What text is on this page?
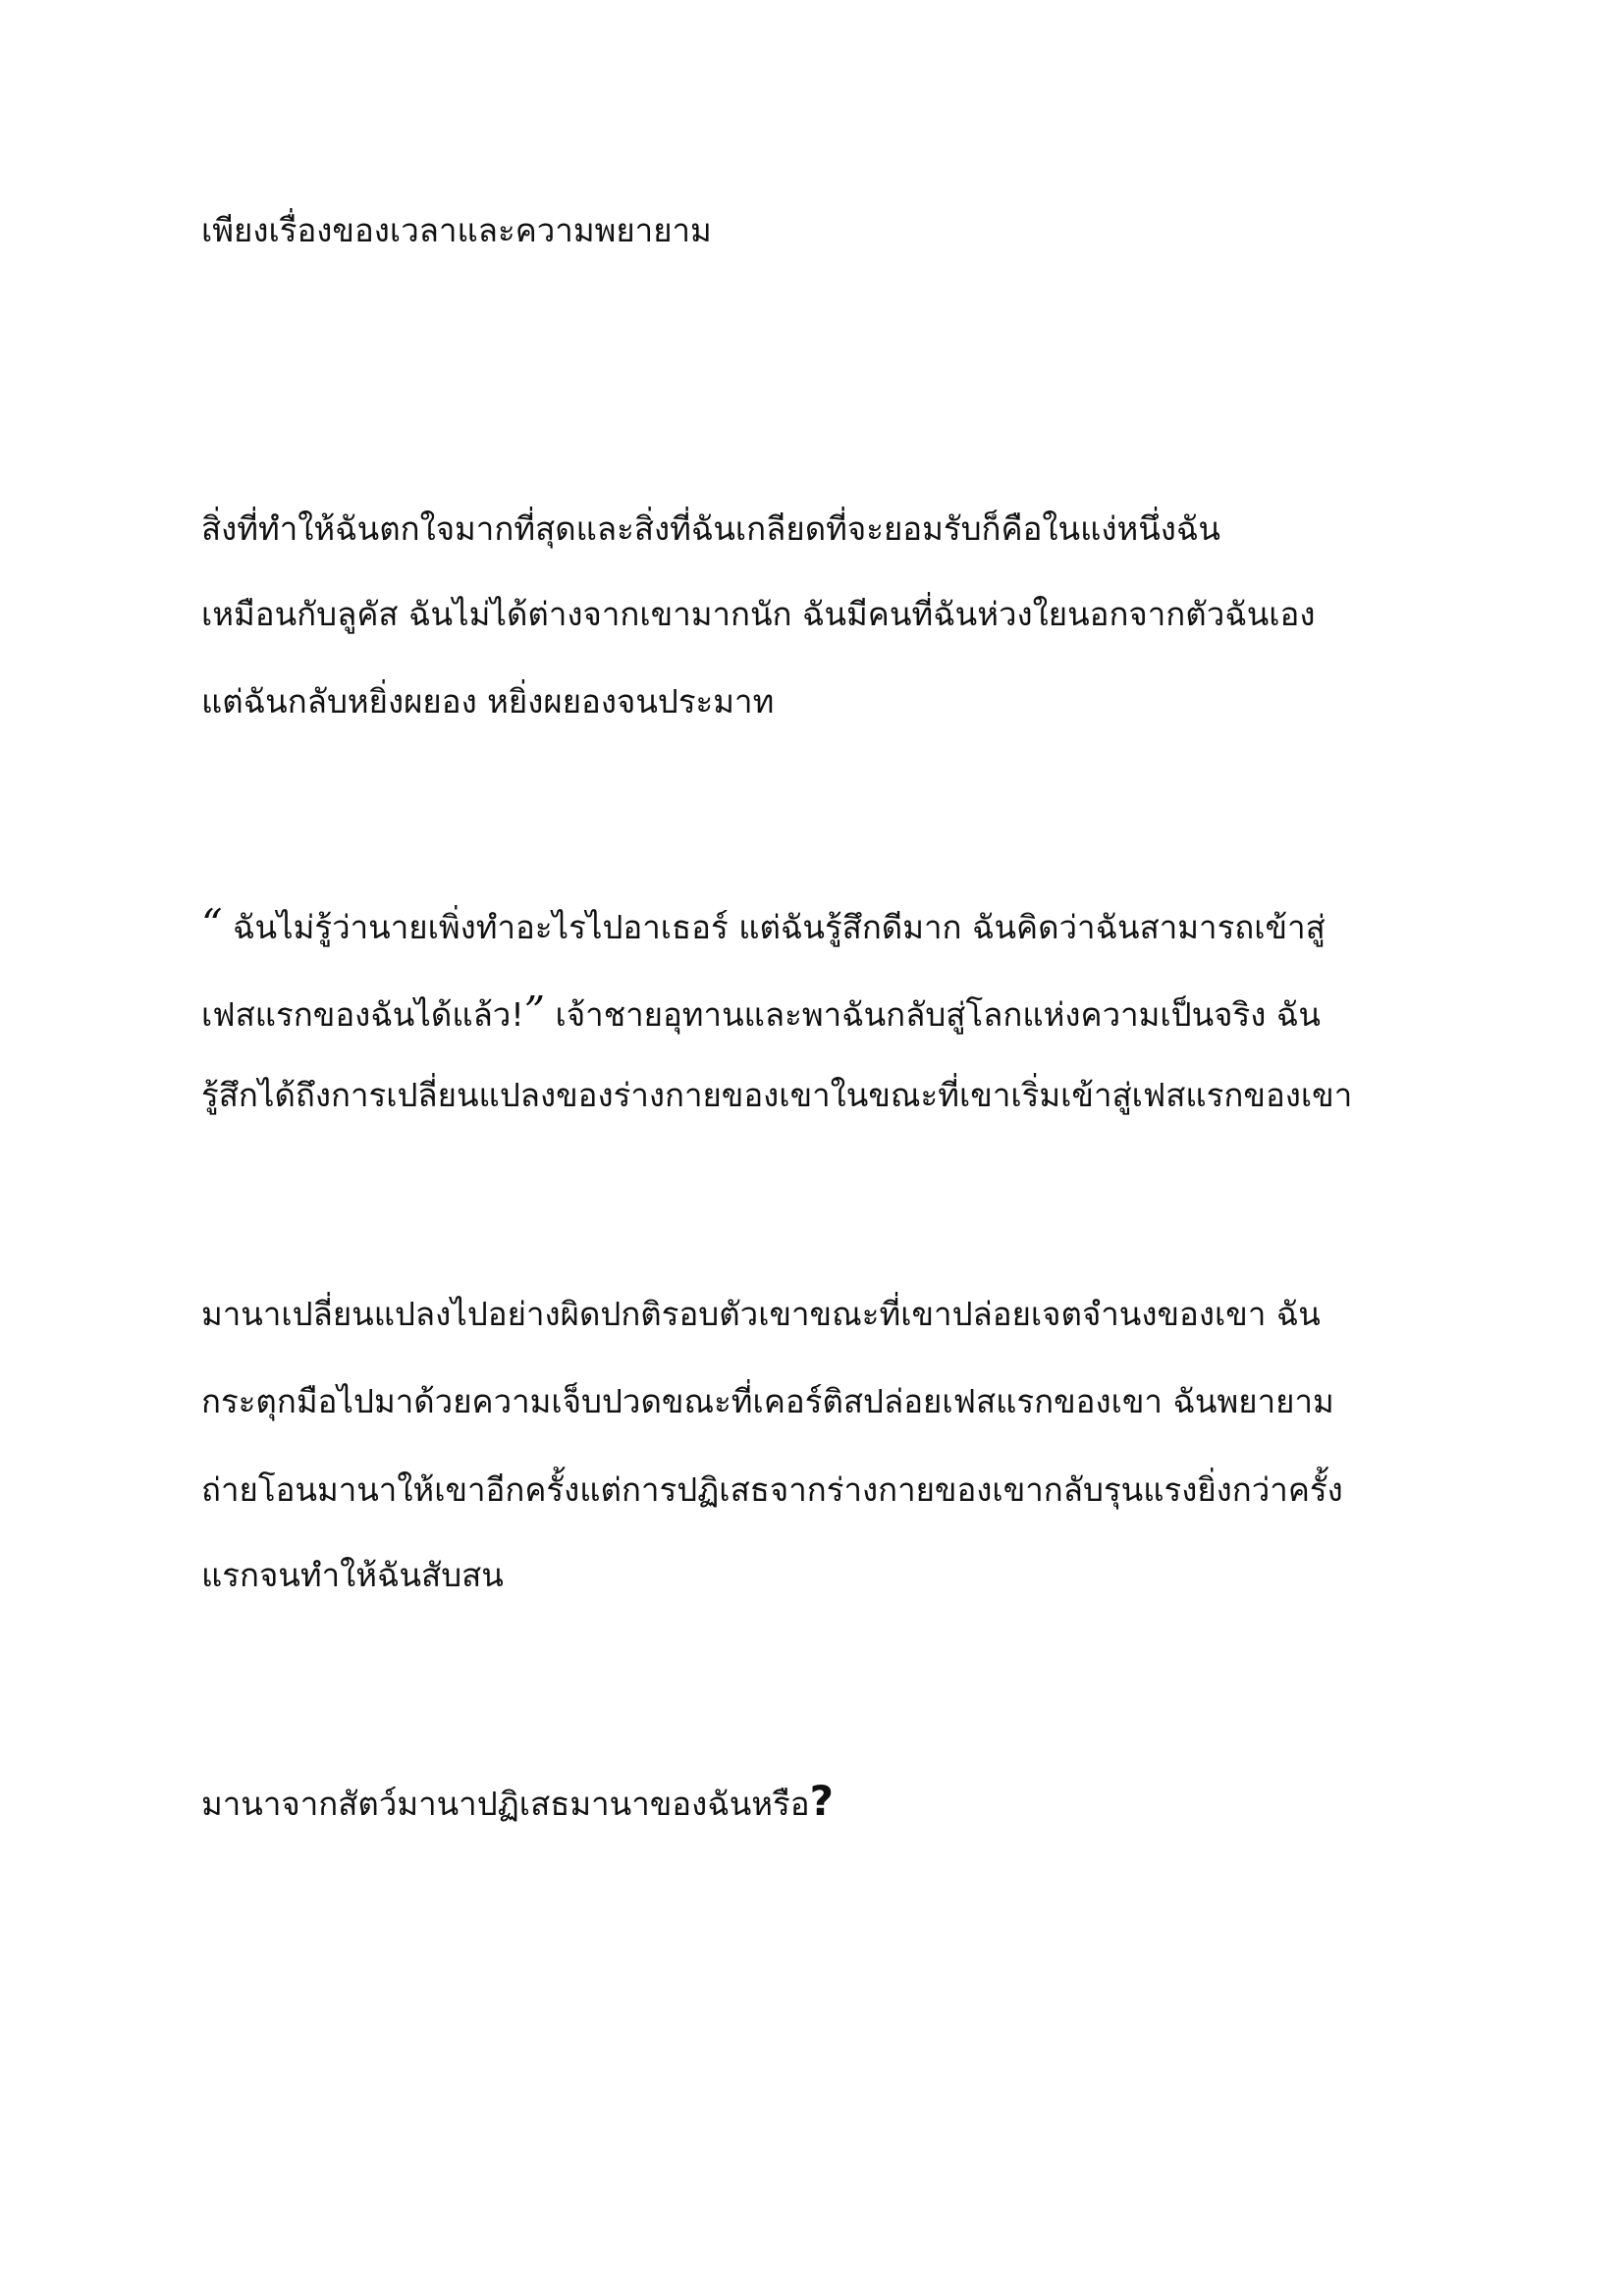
เพียงเรื่องของเวลาและความพยายาม

สิ่งที่ทำให้ฉันตกใจมากที่สุดและสิ่งที่ฉันเกลียดที่จะยอมรับก็คือในแง่หนึ่งฉัน

เหมือนกับลูคัส ฉันไม่ได้ต่างจากเขามากนัก ฉันมีคนที่ฉันห่วงใยนอกจากตัวฉันเอง

แต่ฉันกลับหยิ่งผยอง หยิ่งผยองจนประมาท

“ ฉันไม่รู้ว่านายเพิ่งทำอะไรไปอาเธอร์ แต่ฉันรู้สึกดีมาก ฉันคิดว่าฉันสามารถเข้าสู่

เฟสแรกของฉันได้แล้ว!” เจ้าชายอุทานและพาฉันกลับสู่โลกแห่งความเป็นจริง ฉัน

รู้สึกได้ถึงการเปลี่ยนแปลงของร่างกายของเขาในขณะที่เขาเริ่มเข้าสู่เฟสแรกของเขา

มานาเปลี่ยนแปลงไปอย่างผิดปกติรอบตัวเขาขณะที่เขาปล่อยเจตจำนงของเขา ฉัน

กระตุกมือไปมาด้วยความเจ็บปวดขณะที่เคอร์ติสปล่อยเฟสแรกของเขา ฉันพยายาม

ถ่ายโอนมานาให้เขาอีกครั้งแต่การปฏิเสธจากร่างกายของเขากลับรุนแรงยิ่งกว่าครั้ง

แรกจนทำให้ฉันสับสน

มานาจากสัตว์มานาปฏิเสธมานาของฉันหรือ?
